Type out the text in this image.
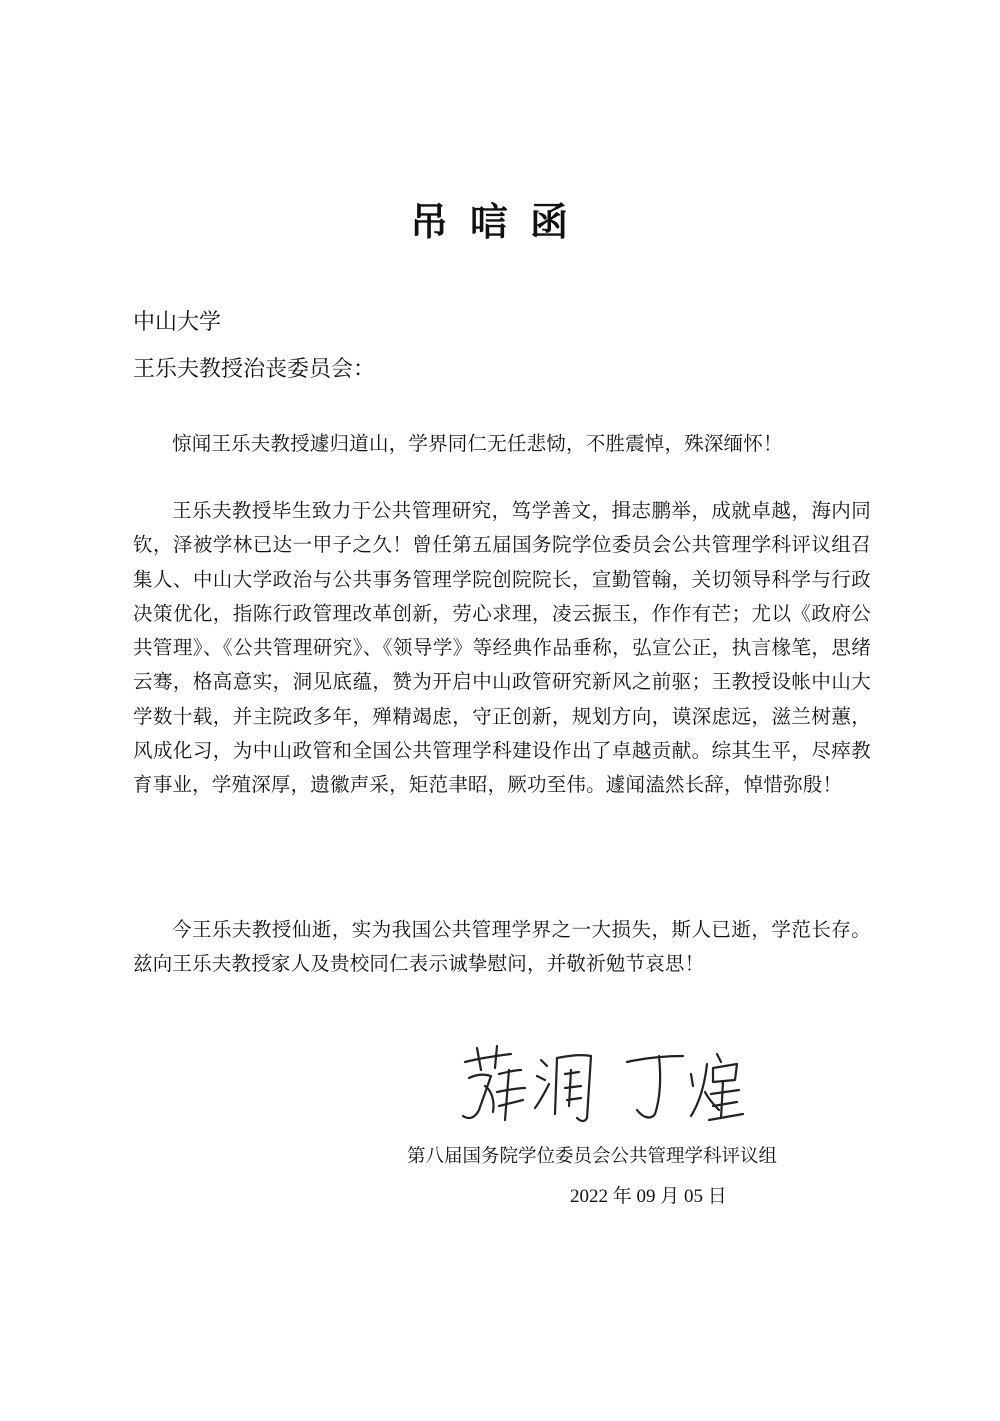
吊唁函
中山大学
王乐夫教授治丧委员会：

惊闻王乐夫教授遽归道山，学界同仁无任悲恸，不胜震悼，殊深缅怀！

王乐夫教授毕生致力于公共管理研究，笃学善文，揖志鹏举，成就卓越，海内同钦，泽被学林已达一甲子之久！曾任第五届国务院学位委员会公共管理学科评议组召集人、中山大学政治与公共事务管理学院创院院长，宣勤管翰，关切领导科学与行政决策优化，指陈行政管理改革创新，劳心求理，凌云振玉，作作有芒；尤以《政府公共管理》、《公共管理研究》、《领导学》等经典作品垂称，弘宣公正，执言椽笔，思绪云骞，格高意实，洞见底蕴，赞为开启中山政管研究新风之前驱；王教授设帐中山大学数十载，并主院政多年，殚精竭虑，守正创新，规划方向，谟深虑远，滋兰树蕙，风成化习，为中山政管和全国公共管理学科建设作出了卓越贡献。综其生平，尽瘁教育事业，学殖深厚，遗徽声采，矩范聿昭，厥功至伟。遽闻溘然长辞，悼惜弥殷！

今王乐夫教授仙逝，实为我国公共管理学界之一大损失，斯人已逝，学范长存。兹向王乐夫教授家人及贵校同仁表示诚挚慰问，并敬祈勉节哀思！

第八届国务院学位委员会公共管理学科评议组
2022 年 09 月 05 日
